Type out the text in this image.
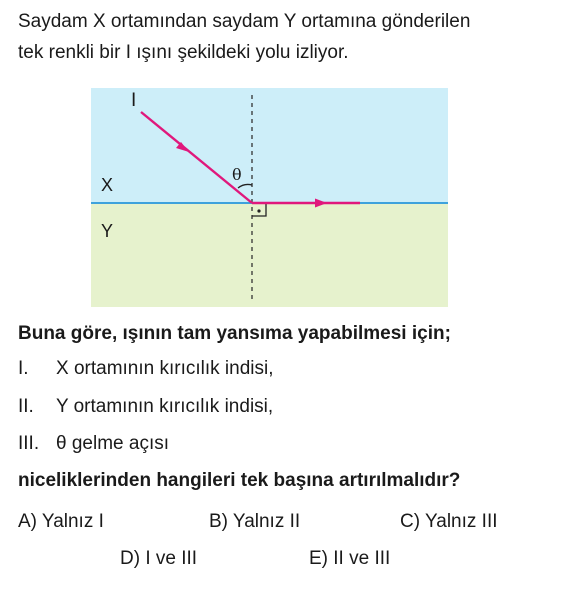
Saydam X ortamından saydam Y ortamına gönderilen
tek renkli bir I ışını şekildeki yolu izliyor.
I
θ
X
Y
Buna göre, ışının tam yansıma yapabilmesi için;
I. X ortamının kırıcılık indisi,
II. Y ortamının kırıcılık indisi,
III. θ gelme açısı
niceliklerinden hangileri tek başına artırılmalıdır?
A) Yalnız I	B) Yalnız II	C) Yalnız III
D) I ve III	E) II ve III
